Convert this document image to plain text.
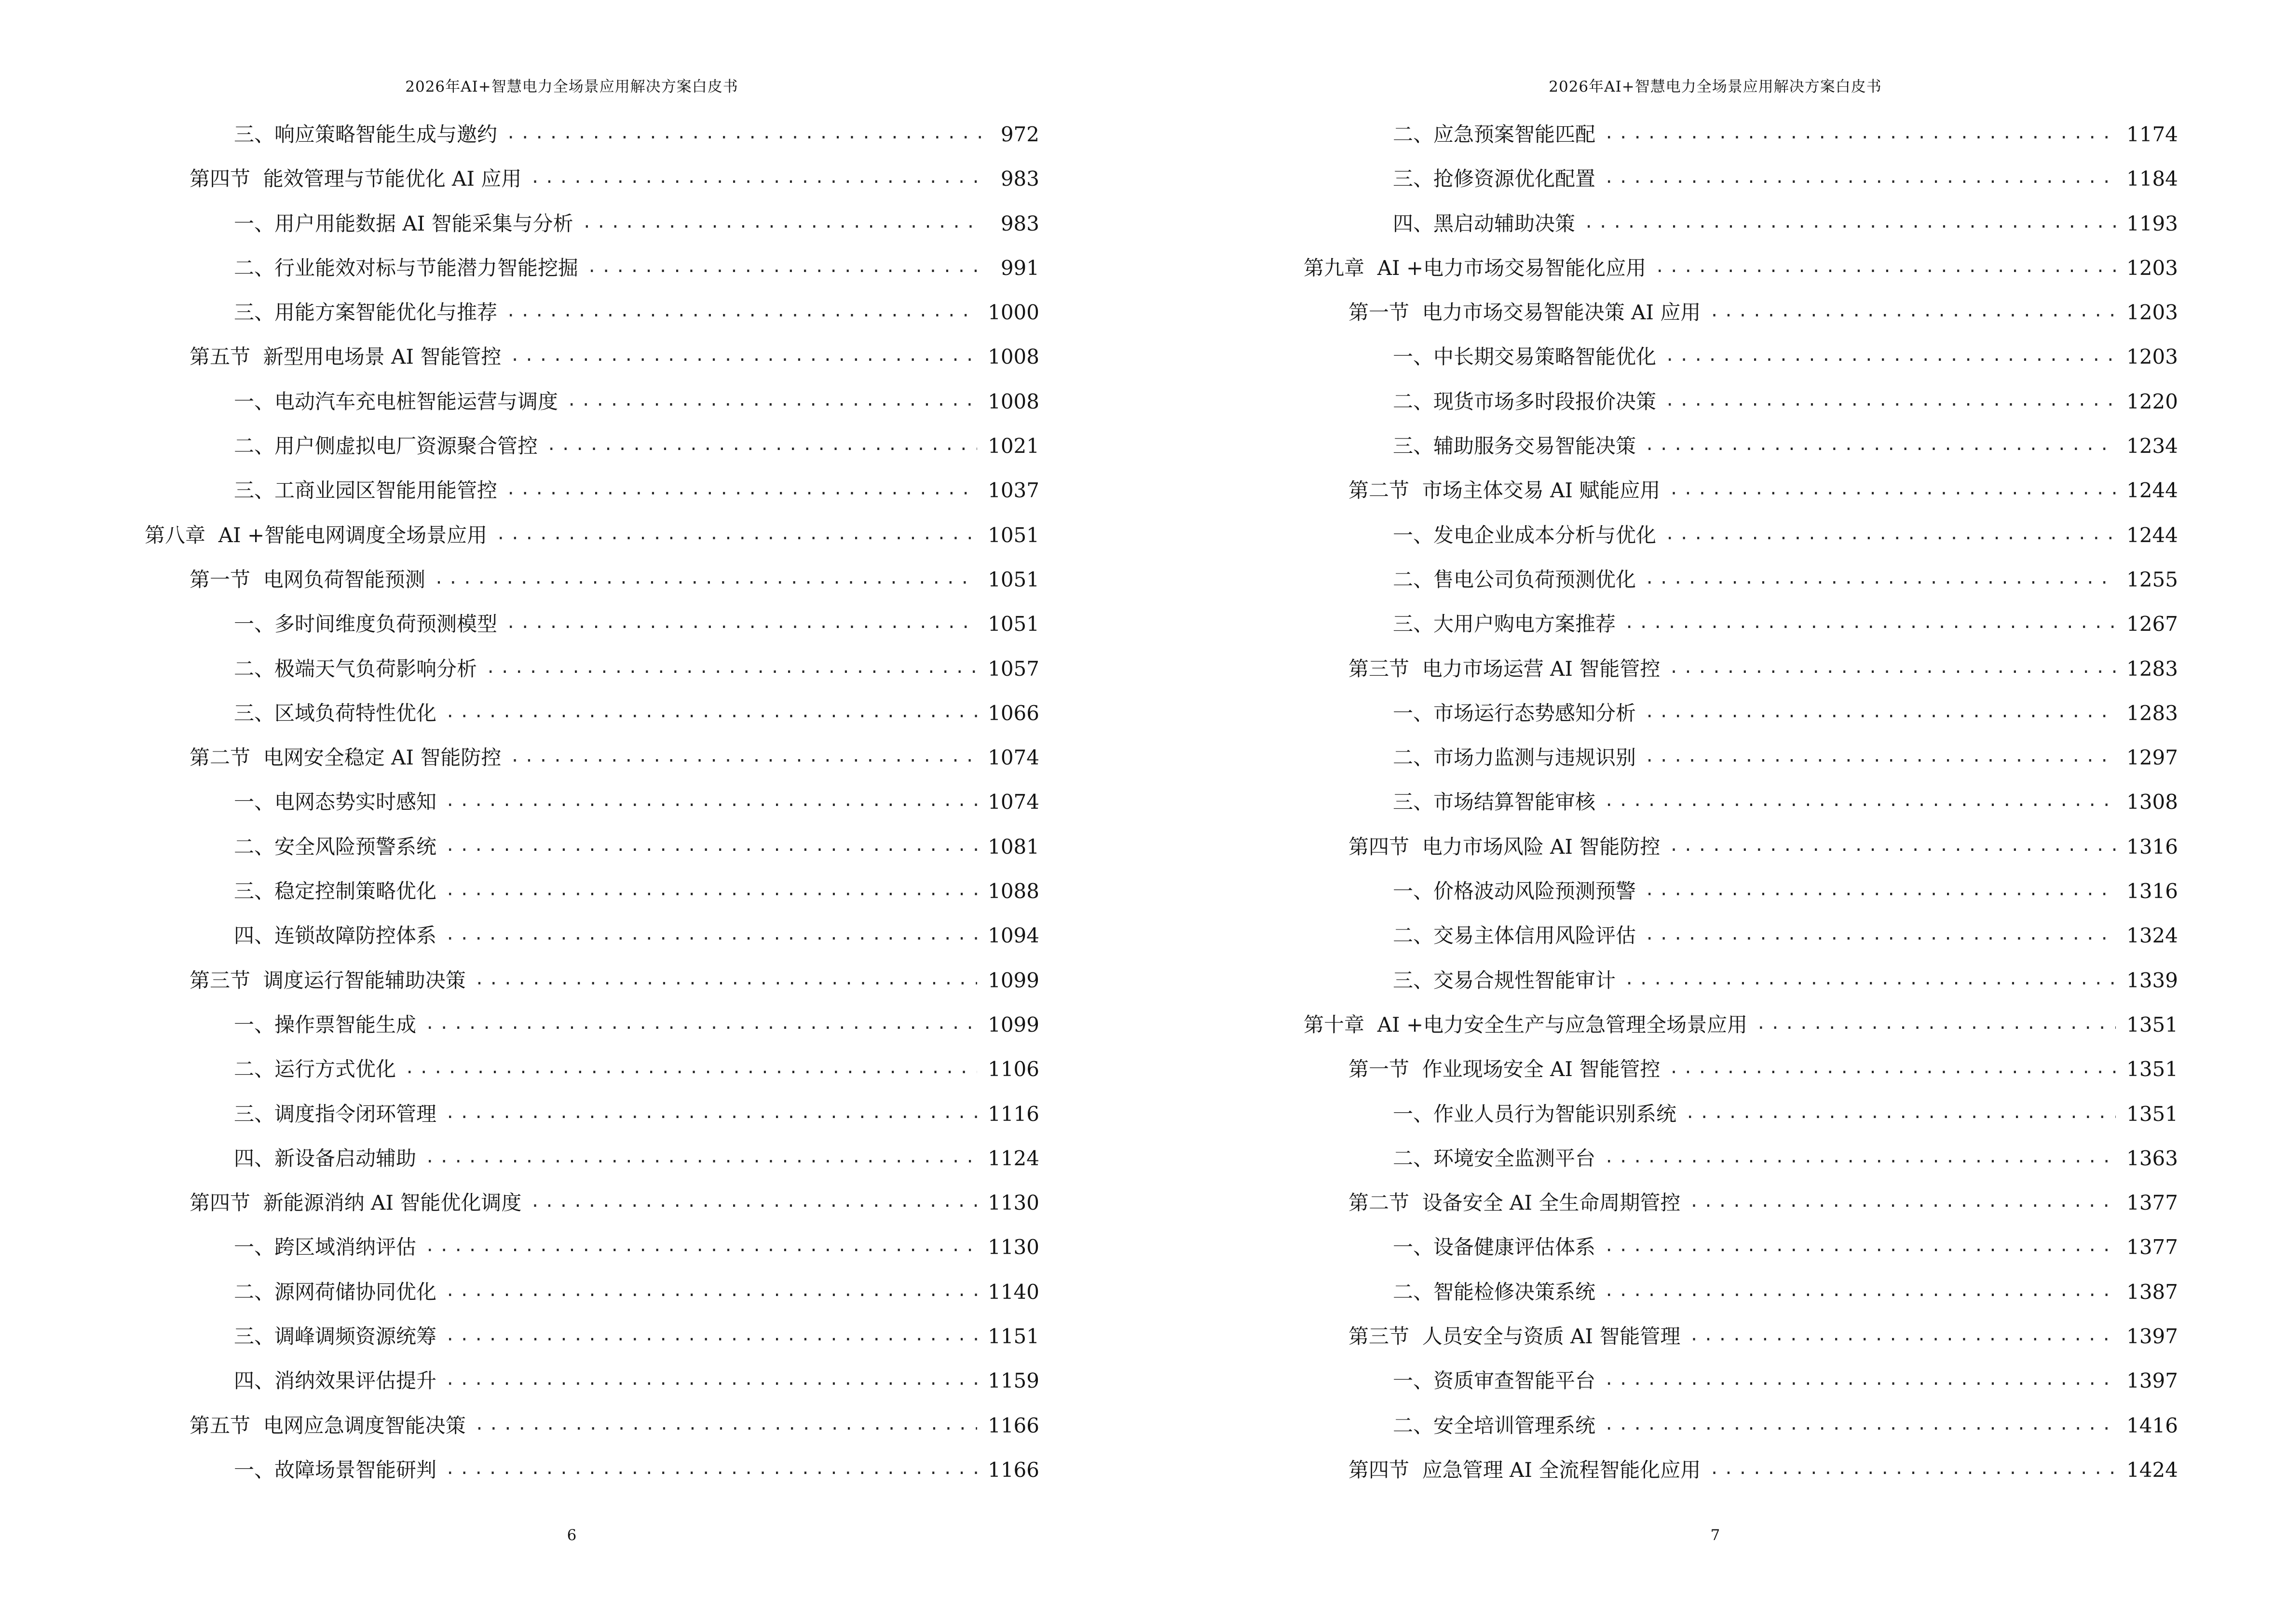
2026年AI+智慧电力全场景应用解决方案白皮书
三、响应策略智能生成与邀约 .....	972
第四节  能效管理与节能优化 AI 应用 .....	983
一、用户用能数据 AI 智能采集与分析 .....	983
二、行业能效对标与节能潜力智能挖掘 .....	991
三、用能方案智能优化与推荐 .....	1000
第五节  新型用电场景 AI 智能管控 .....	1008
一、电动汽车充电桩智能运营与调度 .....	1008
二、用户侧虚拟电厂资源聚合管控 .....	1021
三、工商业园区智能用能管控 .....	1037
第八章  AI +智能电网调度全场景应用 .....	1051
第一节  电网负荷智能预测 .....	1051
一、多时间维度负荷预测模型 .....	1051
二、极端天气负荷影响分析 .....	1057
三、区域负荷特性优化 .....	1066
第二节  电网安全稳定 AI 智能防控 .....	1074
一、电网态势实时感知 .....	1074
二、安全风险预警系统 .....	1081
三、稳定控制策略优化 .....	1088
四、连锁故障防控体系 .....	1094
第三节  调度运行智能辅助决策 .....	1099
一、操作票智能生成 .....	1099
二、运行方式优化 .....	1106
三、调度指令闭环管理 .....	1116
四、新设备启动辅助 .....	1124
第四节  新能源消纳 AI 智能优化调度 .....	1130
一、跨区域消纳评估 .....	1130
二、源网荷储协同优化 .....	1140
三、调峰调频资源统筹 .....	1151
四、消纳效果评估提升 .....	1159
第五节  电网应急调度智能决策 .....	1166
一、故障场景智能研判 .....	1166
6
2026年AI+智慧电力全场景应用解决方案白皮书
7
二、应急预案智能匹配 .....	1174
三、抢修资源优化配置 .....	1184
四、黑启动辅助决策 .....	1193
第九章  AI +电力市场交易智能化应用 .....	1203
第一节  电力市场交易智能决策 AI 应用 .....	1203
一、中长期交易策略智能优化 .....	1203
二、现货市场多时段报价决策 .....	1220
三、辅助服务交易智能决策 .....	1234
第二节  市场主体交易 AI 赋能应用 .....	1244
一、发电企业成本分析与优化 .....	1244
二、售电公司负荷预测优化 .....	1255
三、大用户购电方案推荐 .....	1267
第三节  电力市场运营 AI 智能管控 .....	1283
一、市场运行态势感知分析 .....	1283
二、市场力监测与违规识别 .....	1297
三、市场结算智能审核 .....	1308
第四节  电力市场风险 AI 智能防控 .....	1316
一、价格波动风险预测预警 .....	1316
二、交易主体信用风险评估 .....	1324
三、交易合规性智能审计 .....	1339
第十章  AI +电力安全生产与应急管理全场景应用 .....	1351
第一节  作业现场安全 AI 智能管控 .....	1351
一、作业人员行为智能识别系统 .....	1351
二、环境安全监测平台 .....	1363
第二节  设备安全 AI 全生命周期管控 .....	1377
一、设备健康评估体系 .....	1377
二、智能检修决策系统 .....	1387
第三节  人员安全与资质 AI 智能管理 .....	1397
一、资质审查智能平台 .....	1397
二、安全培训管理系统 .....	1416
第四节  应急管理 AI 全流程智能化应用 .....	1424
